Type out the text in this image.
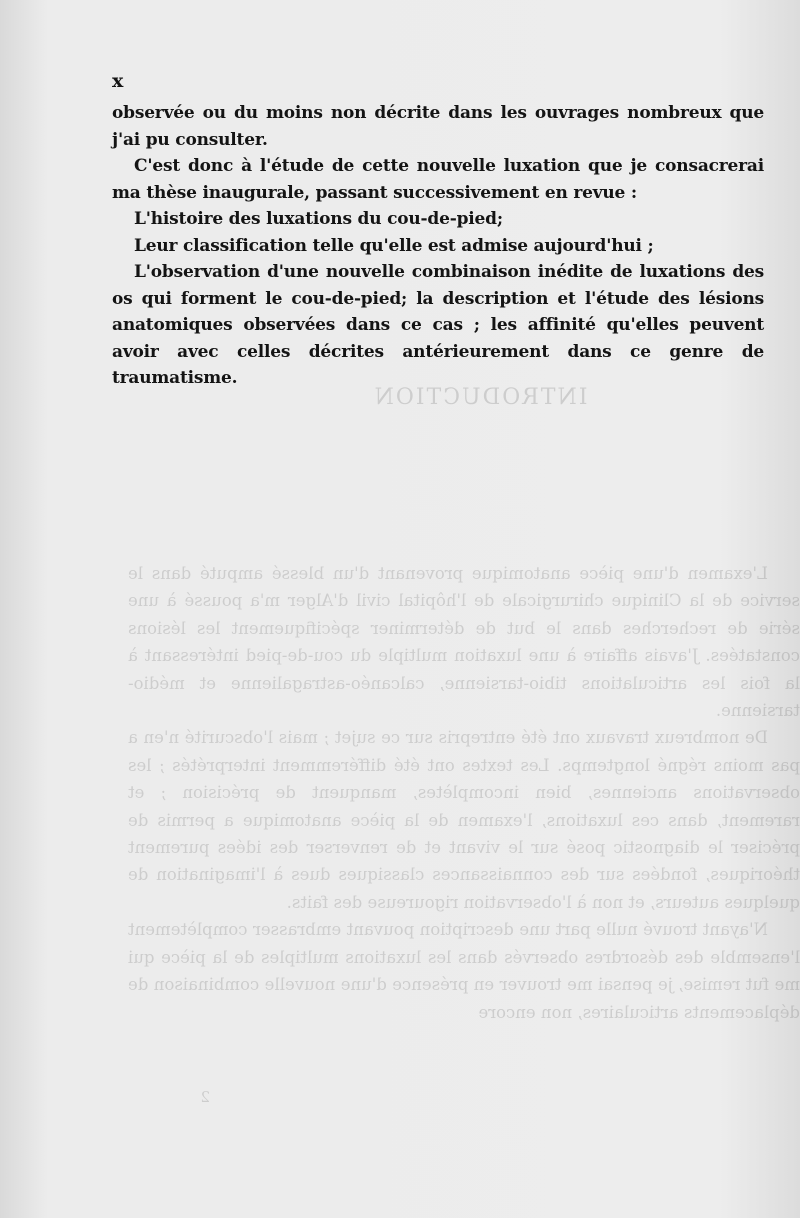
INTRODUCTION

L'examen d'une pièce anatomique provenant d'un blessé amputé dans le service de la Clinique chirurgicale de l'hôpital civil d'Alger m'a poussé à une série de recherches dans le but de déterminer spécifiquement les lésions constatées. J'avais affaire à une luxation multiple du cou-de-pied intéressant à la fois les articulations tibio-tarsienne, calcanéo-astragalienne et médio-tarsienne.

De nombreux travaux ont été entrepris sur ce sujet ; mais l'obscurité n'en a pas moins régné longtemps. Les textes ont été différemment interprétés ; les observations anciennes, bien incomplètes, manquent de précision ; et rarement, dans ces luxations, l'examen de la pièce anatomique a permis de préciser le diagnostic posé sur le vivant et de renverser des idées purement théoriques, fondées sur des connaissances classiques dues à l'imagination de quelques auteurs, et non à l'observation rigoureuse des faits.

N'ayant trouvé nulle part une description pouvant embrasser complètement l'ensemble des désordres observés dans les luxations multiples de la pièce qui me fut remise, je pensai me trouver en présence d'une nouvelle combinaison de déplacements articulaires, non encore

2
x

observée ou du moins non décrite dans les ouvrages nombreux que j'ai pu consulter.

C'est donc à l'étude de cette nouvelle luxation que je consacrerai ma thèse inaugurale, passant successivement en revue :

L'histoire des luxations du cou-de-pied;

Leur classification telle qu'elle est admise aujourd'hui ;

L'observation d'une nouvelle combinaison inédite de luxations des os qui forment le cou-de-pied; la description et l'étude des lésions anatomiques observées dans ce cas ; les affinité qu'elles peuvent avoir avec celles décrites antérieurement dans ce genre de traumatisme.
